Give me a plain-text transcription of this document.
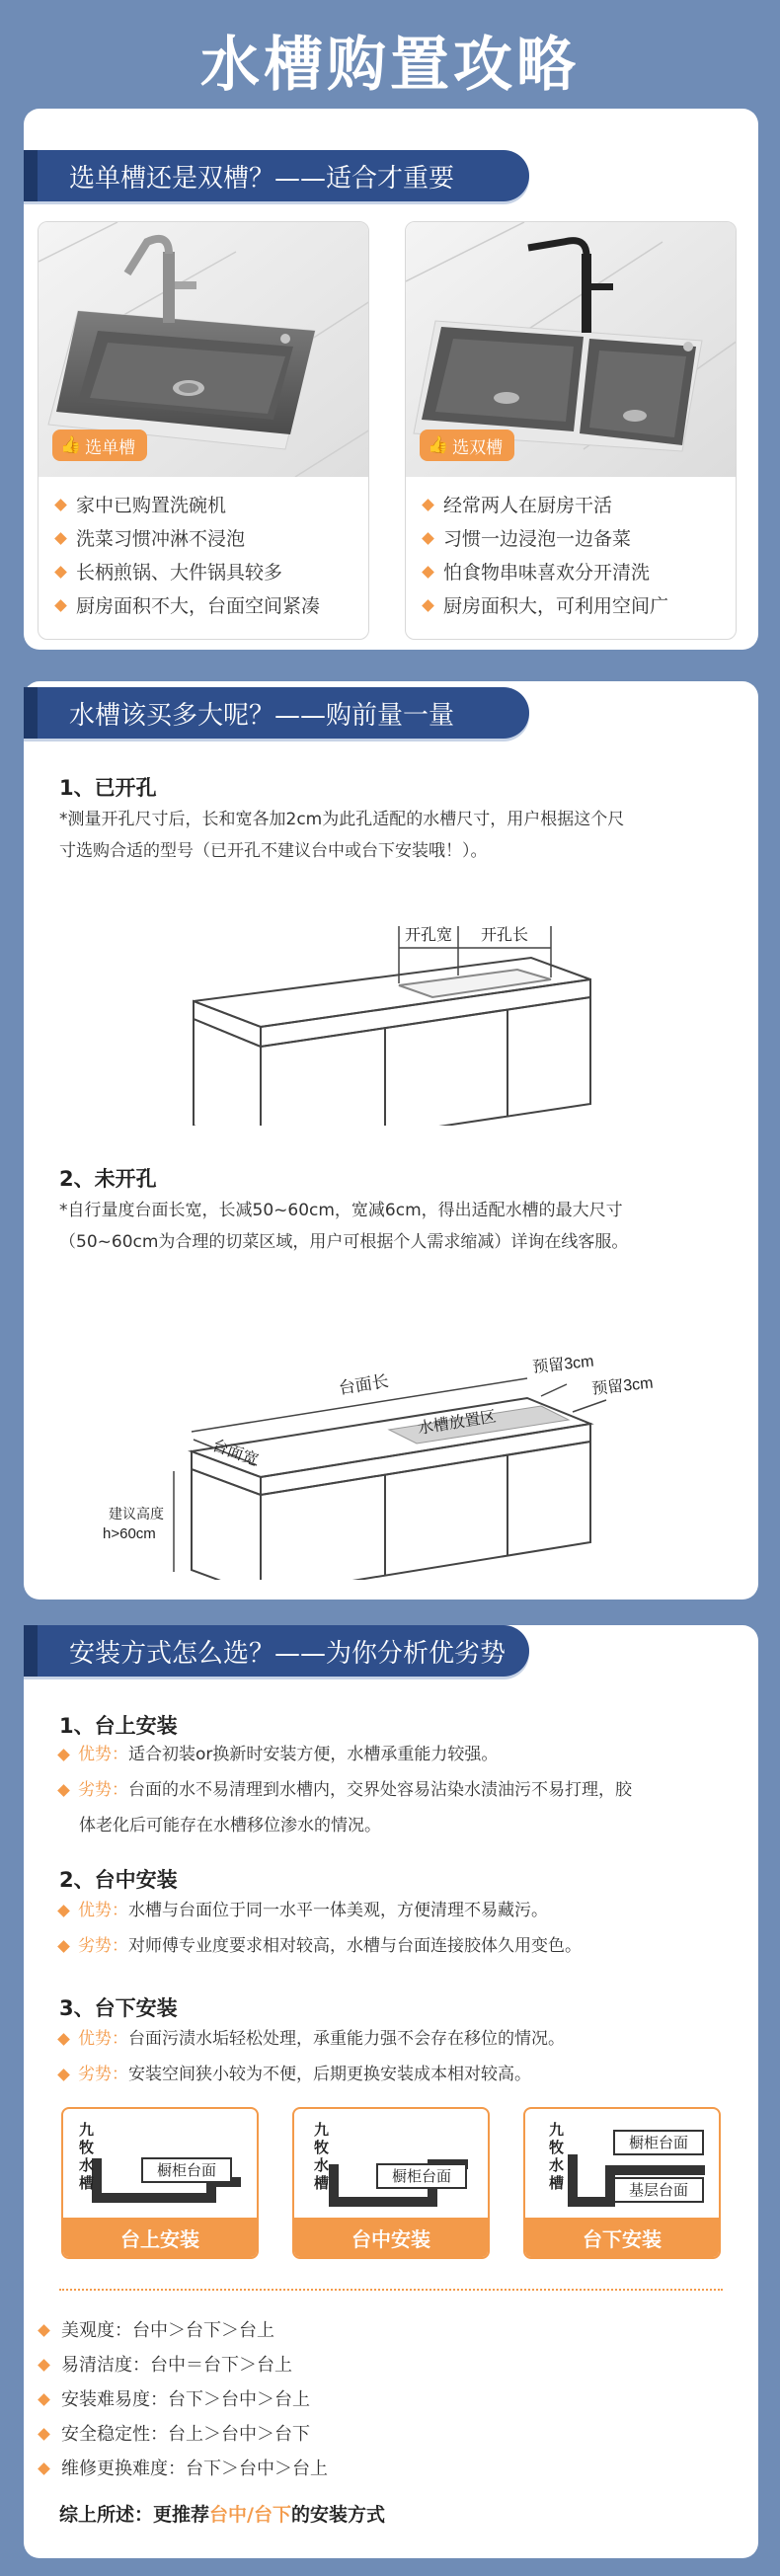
水槽购置攻略
👍 选单槽
家中已购置洗碗机
洗菜习惯冲淋不浸泡
长柄煎锅、大件锅具较多
厨房面积不大，台面空间紧凑
👍 选双槽
经常两人在厨房干活
习惯一边浸泡一边备菜
怕食物串味喜欢分开清洗
厨房面积大，可利用空间广
选单槽还是双槽？——适合才重要
1、已开孔
*测量开孔尺寸后，长和宽各加2cm为此孔适配的水槽尺寸，用户根据这个尺
寸选购合适的型号（已开孔不建议台中或台下安装哦！）。
开孔宽 开孔长
2、未开孔
*自行量度台面长宽，长减50~60cm，宽减6cm，得出适配水槽的最大尺寸
（50~60cm为合理的切菜区域，用户可根据个人需求缩减）详询在线客服。
台面长
台面宽
水槽放置区
预留3cm
预留3cm
建议高度
h>60cm
水槽该买多大呢？——购前量一量
1、台上安装
优势：适合初装or换新时安装方便，水槽承重能力较强。
劣势：台面的水不易清理到水槽内，交界处容易沾染水渍油污不易打理，胶
体老化后可能存在水槽移位渗水的情况。
2、台中安装
优势：水槽与台面位于同一水平一体美观，方便清理不易藏污。
劣势：对师傅专业度要求相对较高，水槽与台面连接胶体久用变色。
3、台下安装
优势：台面污渍水垢轻松处理，承重能力强不会存在移位的情况。
劣势：安装空间狭小较为不便，后期更换安装成本相对较高。
九
牧
水
槽
橱柜台面
台上安装
九
牧
水
槽	橱柜台面
台中安装
九
牧
水
槽
橱柜台面
基层台面
台下安装
安装方式怎么选？——为你分析优劣势
美观度：台中＞台下＞台上
易清洁度：台中＝台下＞台上
安装难易度：台下＞台中＞台上
安全稳定性：台上＞台中＞台下
维修更换难度：台下＞台中＞台上
综上所述：更推荐台中/台下的安装方式
